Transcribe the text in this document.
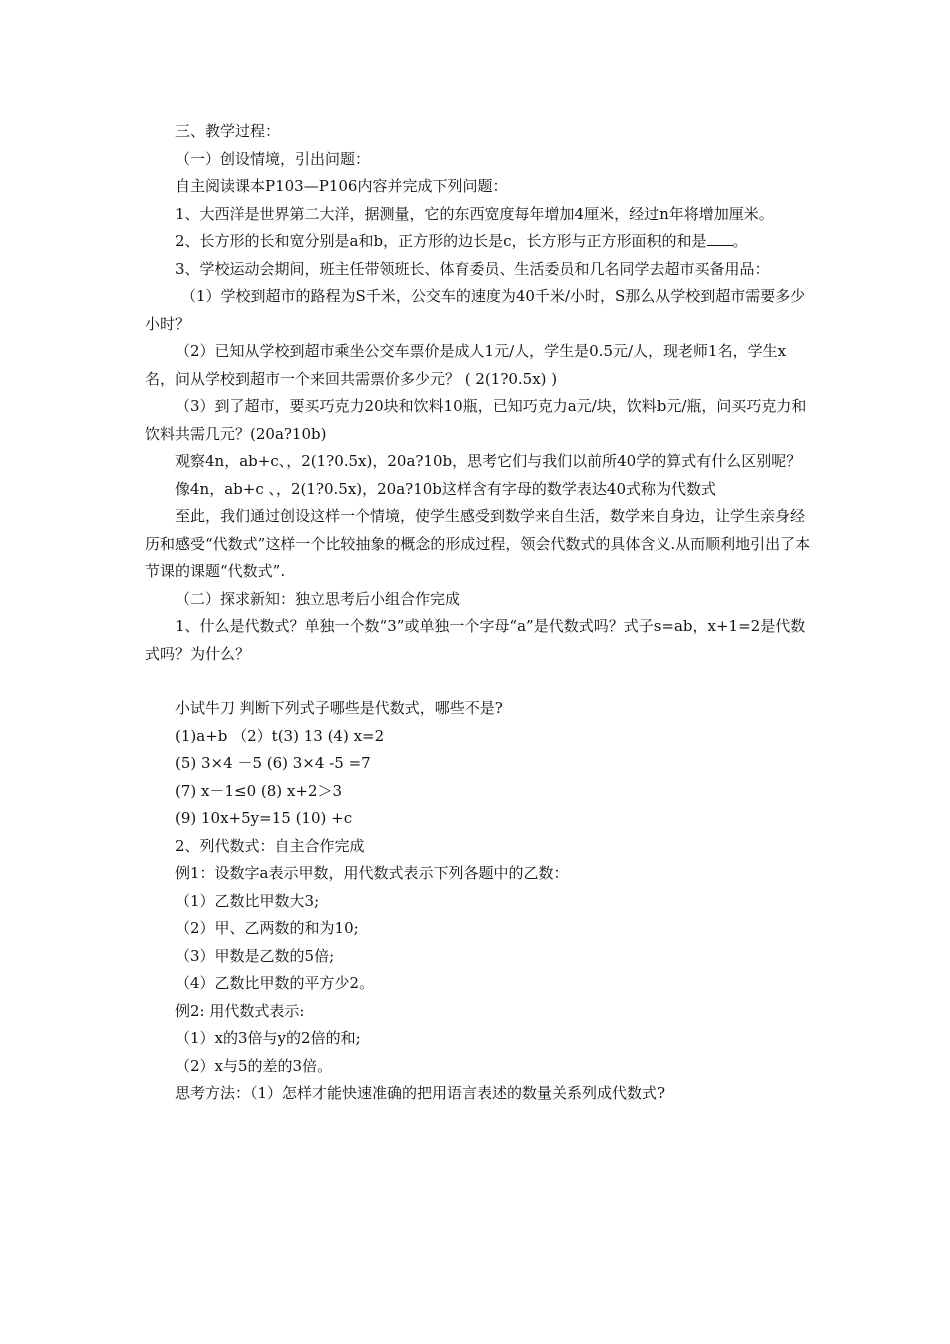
三、教学过程：

（一）创设情境，引出问题：

自主阅读课本P103—P106内容并完成下列问题：

1、大西洋是世界第二大洋，据测量，它的东西宽度每年增加4厘米，经过n年将增加厘米。

2、长方形的长和宽分别是a和b，正方形的边长是c，长方形与正方形面积的和是 。

3、学校运动会期间，班主任带领班长、体育委员、生活委员和几名同学去超市买备用品：

（1）学校到超市的路程为S千米，公交车的速度为40千米/小时，S那么从学校到超市需要多少小时？

（2）已知从学校到超市乘坐公交车票价是成人1元/人，学生是0.5元/人，现老师1名，学生x名，问从学校到超市一个来回共需票价多少元？ ( 2(1?0.5x) )

（3）到了超市，要买巧克力20块和饮料10瓶，已知巧克力a元/块，饮料b元/瓶，问买巧克力和饮料共需几元？(20a?10b)

观察4n，ab+c、，2(1?0.5x)，20a?10b，思考它们与我们以前所40学的算式有什么区别呢？

像4n，ab+c 、，2(1?0.5x)，20a?10b这样含有字母的数学表达40式称为代数式

至此，我们通过创设这样一个情境，使学生感受到数学来自生活，数学来自身边，让学生亲身经历和感受“代数式”这样一个比较抽象的概念的形成过程，领会代数式的具体含义.从而顺利地引出了本节课的课题“代数式”.

（二）探求新知：独立思考后小组合作完成

1、什么是代数式？单独一个数“3”或单独一个字母“a”是代数式吗？式子s=ab，x+1=2是代数式吗？为什么？

小试牛刀 判断下列式子哪些是代数式，哪些不是?

(1)a+b （2）t(3) 13 (4) x=2

(5) 3×4 －5 (6) 3×4 -5 =7

(7) x－1≤0 (8) x+2＞3

(9) 10x+5y=15 (10) +c

2、列代数式：自主合作完成

例1：设数字a表示甲数，用代数式表示下列各题中的乙数：

（1）乙数比甲数大3;

（2）甲、乙两数的和为10;

（3）甲数是乙数的5倍;

（4）乙数比甲数的平方少2。

例2: 用代数式表示:

（1）x的3倍与y的2倍的和;

（2）x与5的差的3倍。

思考方法：（1）怎样才能快速准确的把用语言表述的数量关系列成代数式?
